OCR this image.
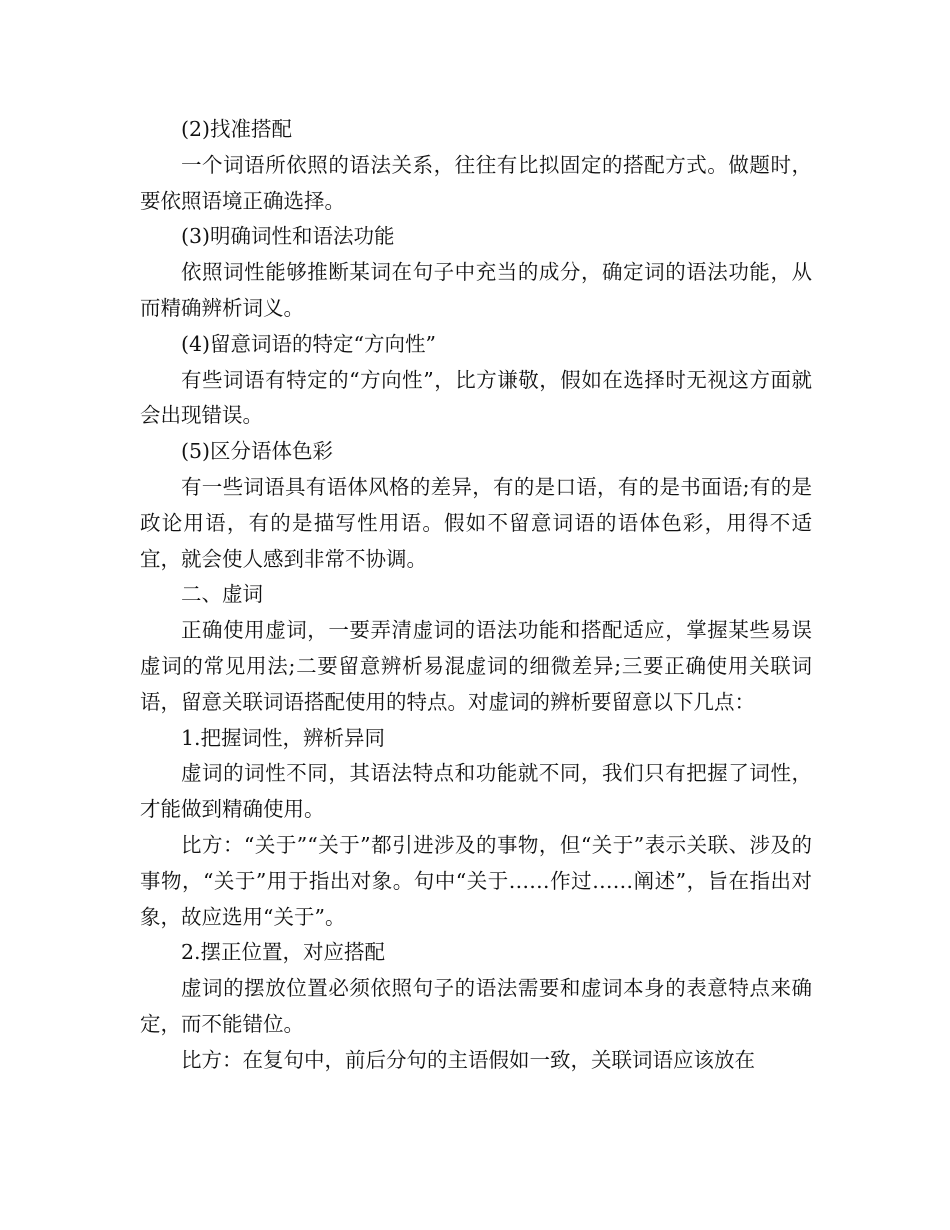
(2)找准搭配

一个词语所依照的语法关系，往往有比拟固定的搭配方式。做题时，要依照语境正确选择。

(3)明确词性和语法功能

依照词性能够推断某词在句子中充当的成分，确定词的语法功能，从而精确辨析词义。

(4)留意词语的特定“方向性”

有些词语有特定的“方向性”，比方谦敬，假如在选择时无视这方面就会出现错误。

(5)区分语体色彩

有一些词语具有语体风格的差异，有的是口语，有的是书面语;有的是政论用语，有的是描写性用语。假如不留意词语的语体色彩，用得不适宜，就会使人感到非常不协调。

二、虚词

正确使用虚词，一要弄清虚词的语法功能和搭配适应，掌握某些易误虚词的常见用法;二要留意辨析易混虚词的细微差异;三要正确使用关联词语，留意关联词语搭配使用的特点。对虚词的辨析要留意以下几点：

1.把握词性，辨析异同

虚词的词性不同，其语法特点和功能就不同，我们只有把握了词性，才能做到精确使用。

比方：“关于”“关于”都引进涉及的事物，但“关于”表示关联、涉及的事物，“关于”用于指出对象。句中“关于……作过……阐述”，旨在指出对象，故应选用“关于”。

2.摆正位置，对应搭配

虚词的摆放位置必须依照句子的语法需要和虚词本身的表意特点来确定，而不能错位。

比方：在复句中，前后分句的主语假如一致，关联词语应该放在
